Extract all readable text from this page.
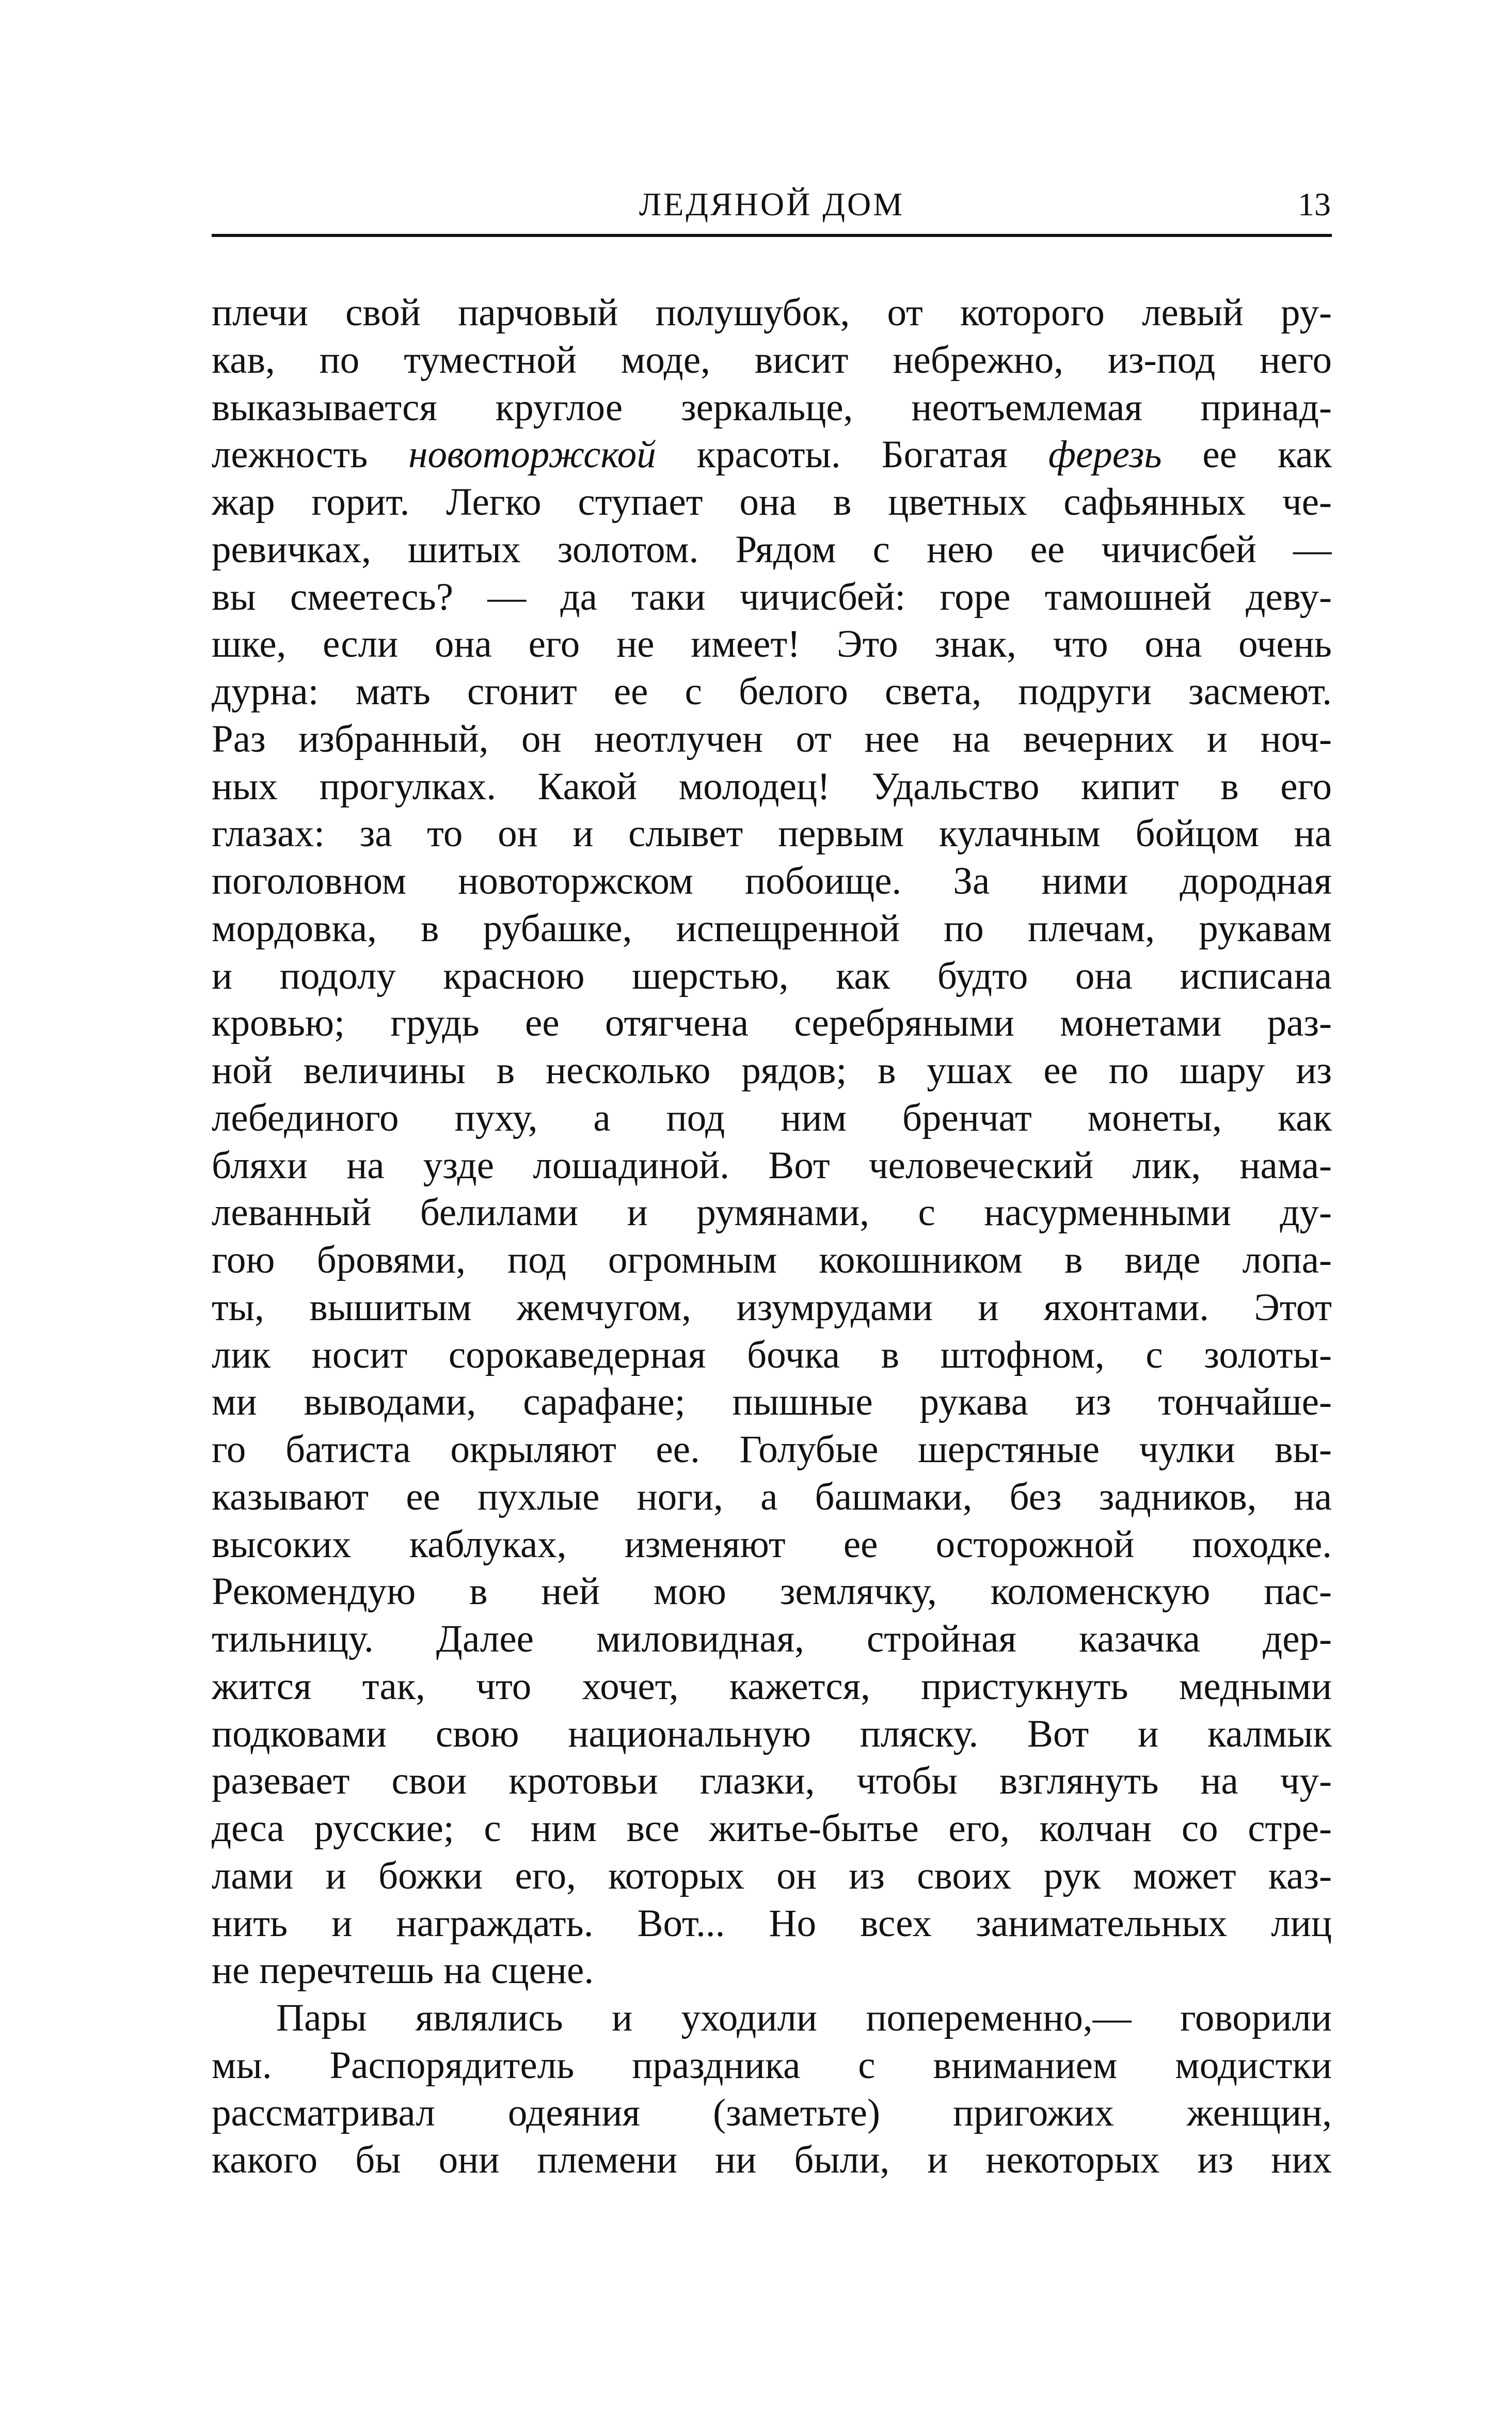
ЛЕДЯНОЙ ДОМ	13
плечи свой парчовый полушубок, от которого левый ру-
кав, по туместной моде, висит небрежно, из-под него
выказывается круглое зеркальце, неотъемлемая принад-
лежность новоторжской красоты. Богатая ферезь ее как
жар горит. Легко ступает она в цветных сафьянных че-
ревичках, шитых золотом. Рядом с нею ее чичисбей —
вы смеетесь? — да таки чичисбей: горе тамошней деву-
шке, если она его не имеет! Это знак, что она очень
дурна: мать сгонит ее с белого света, подруги засмеют.
Раз избранный, он неотлучен от нее на вечерних и ноч-
ных прогулках. Какой молодец! Удальство кипит в его
глазах: за то он и слывет первым кулачным бойцом на
поголовном новоторжском побоище. За ними дородная
мордовка, в рубашке, испещренной по плечам, рукавам
и подолу красною шерстью, как будто она исписана
кровью; грудь ее отягчена серебряными монетами раз-
ной величины в несколько рядов; в ушах ее по шару из
лебединого пуху, а под ним бренчат монеты, как
бляхи на узде лошадиной. Вот человеческий лик, нама-
леванный белилами и румянами, с насурменными ду-
гою бровями, под огромным кокошником в виде лопа-
ты, вышитым жемчугом, изумрудами и яхонтами. Этот
лик носит сорокаведерная бочка в штофном, с золоты-
ми выводами, сарафане; пышные рукава из тончайше-
го батиста окрыляют ее. Голубые шерстяные чулки вы-
казывают ее пухлые ноги, а башмаки, без задников, на
высоких каблуках, изменяют ее осторожной походке.
Рекомендую в ней мою землячку, коломенскую пас-
тильницу. Далее миловидная, стройная казачка дер-
жится так, что хочет, кажется, пристукнуть медными
подковами свою национальную пляску. Вот и калмык
разевает свои кротовьи глазки, чтобы взглянуть на чу-
деса русские; с ним все житье-бытье его, колчан со стре-
лами и божки его, которых он из своих рук может каз-
нить и награждать. Вот... Но всех занимательных лиц
не перечтешь на сцене.
Пары являлись и уходили попеременно,— говорили
мы. Распорядитель праздника с вниманием модистки
рассматривал одеяния (заметьте) пригожих женщин,
какого бы они племени ни были, и некоторых из них
